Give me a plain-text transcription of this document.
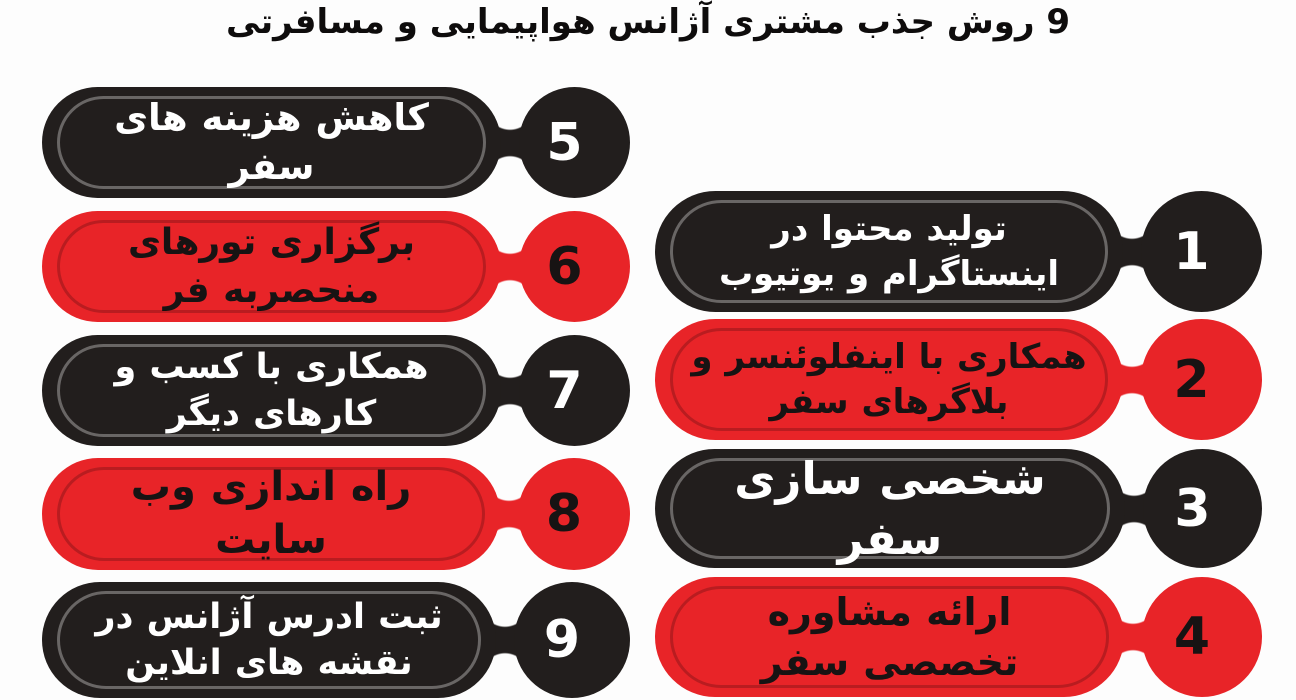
9 روش جذب مشتری آژانس هواپیمایی و مسافرتی
تولید محتوا در اینستاگرام و یوتیوب	1
همکاری با اینفلوئنسر و بلاگرهای سفر	2
شخصی سازی سفر	3
ارائه مشاوره تخصصی سفر	4
کاهش هزینه های سفر	5
برگزاری تورهای منحصربه فر	6
همکاری با کسب و کارهای دیگر	7
راه اندازی وب سایت	8
ثبت ادرس آژانس در نقشه های انلاین	9
